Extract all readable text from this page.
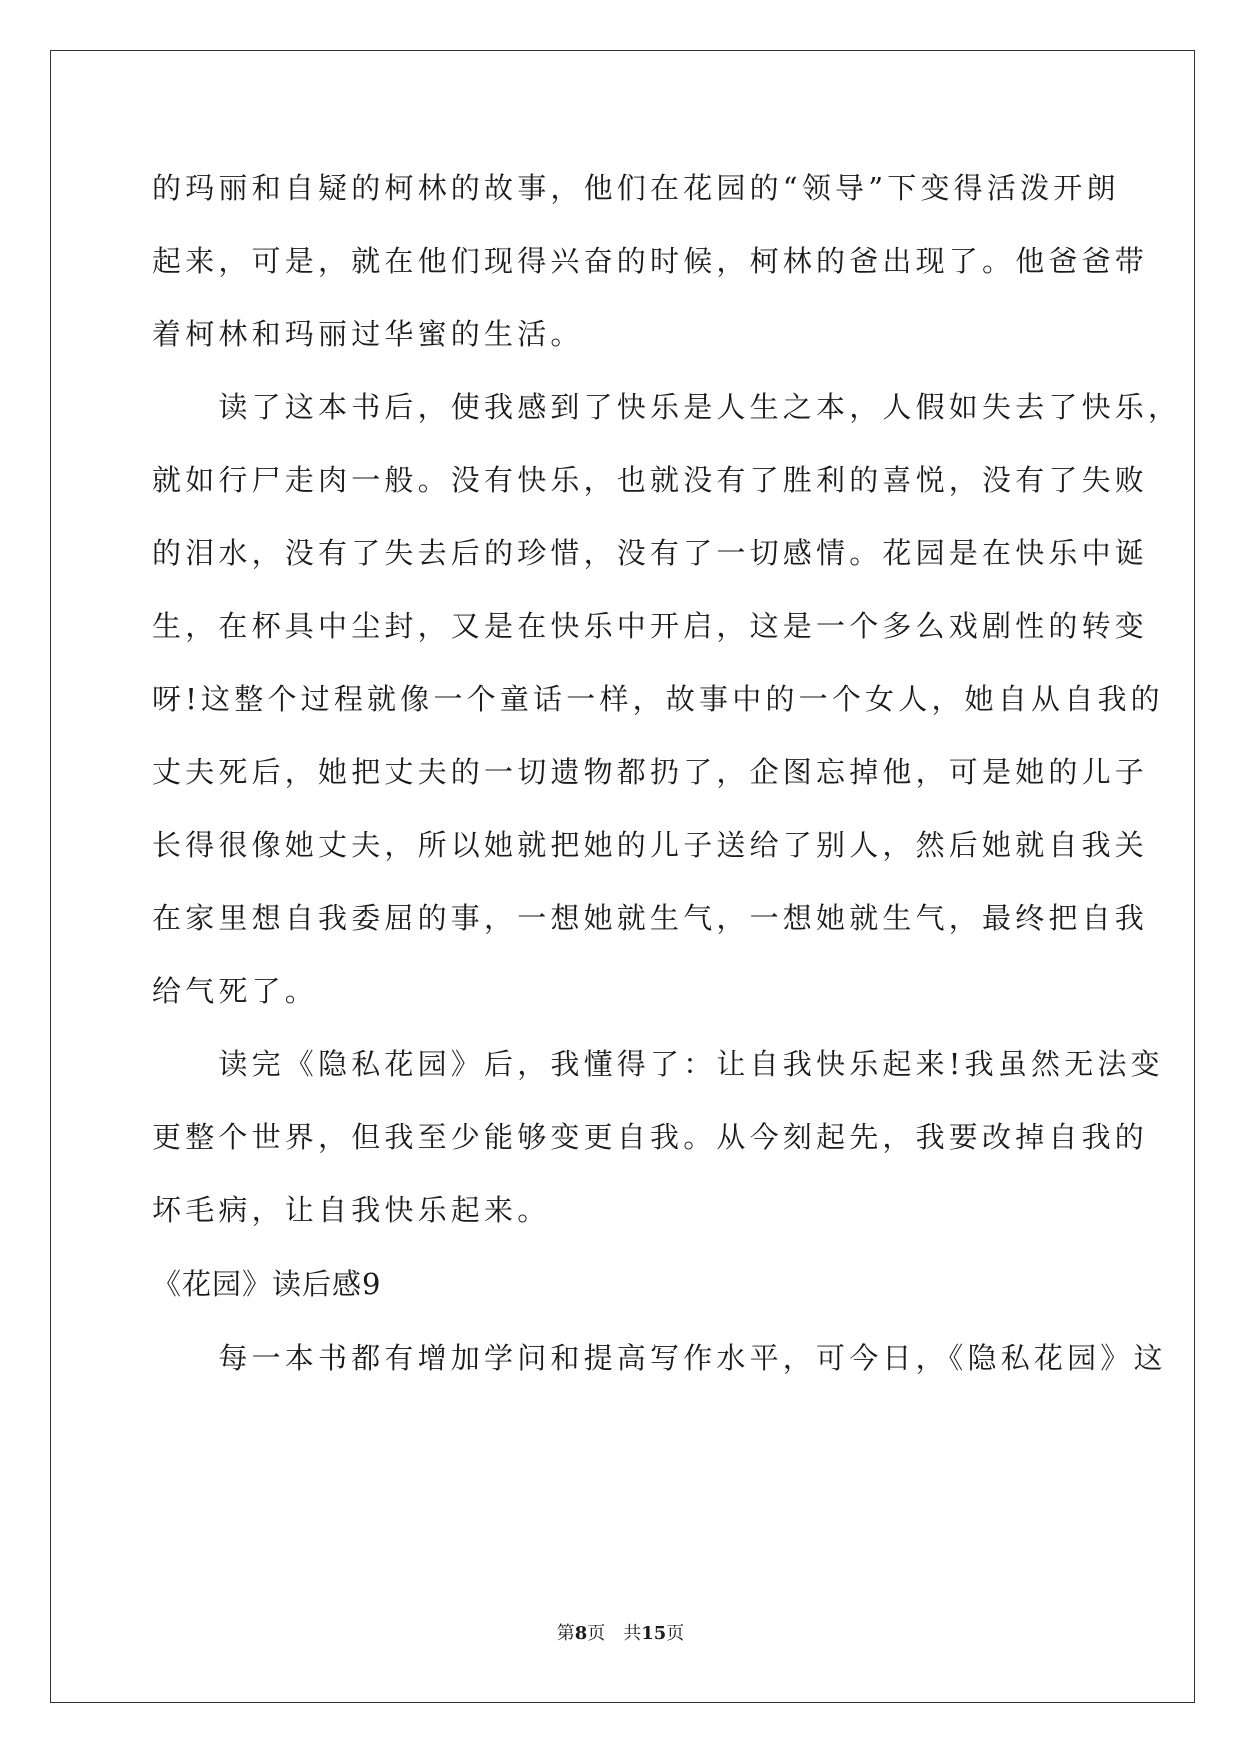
的玛丽和自疑的柯林的故事，他们在花园的“领导”下变得活泼开朗
起来，可是，就在他们现得兴奋的时候，柯林的爸出现了。他爸爸带
着柯林和玛丽过华蜜的生活。
　　读了这本书后，使我感到了快乐是人生之本，人假如失去了快乐，
就如行尸走肉一般。没有快乐，也就没有了胜利的喜悦，没有了失败
的泪水，没有了失去后的珍惜，没有了一切感情。花园是在快乐中诞
生，在杯具中尘封，又是在快乐中开启，这是一个多么戏剧性的转变
呀!这整个过程就像一个童话一样，故事中的一个女人，她自从自我的
丈夫死后，她把丈夫的一切遗物都扔了，企图忘掉他，可是她的儿子
长得很像她丈夫，所以她就把她的儿子送给了别人，然后她就自我关
在家里想自我委屈的事，一想她就生气，一想她就生气，最终把自我
给气死了。
　　读完《隐私花园》后，我懂得了：让自我快乐起来!我虽然无法变
更整个世界，但我至少能够变更自我。从今刻起先，我要改掉自我的
坏毛病，让自我快乐起来。
《花园》读后感9
　　每一本书都有增加学问和提高写作水平，可今日，《隐私花园》这
第8页　共15页
